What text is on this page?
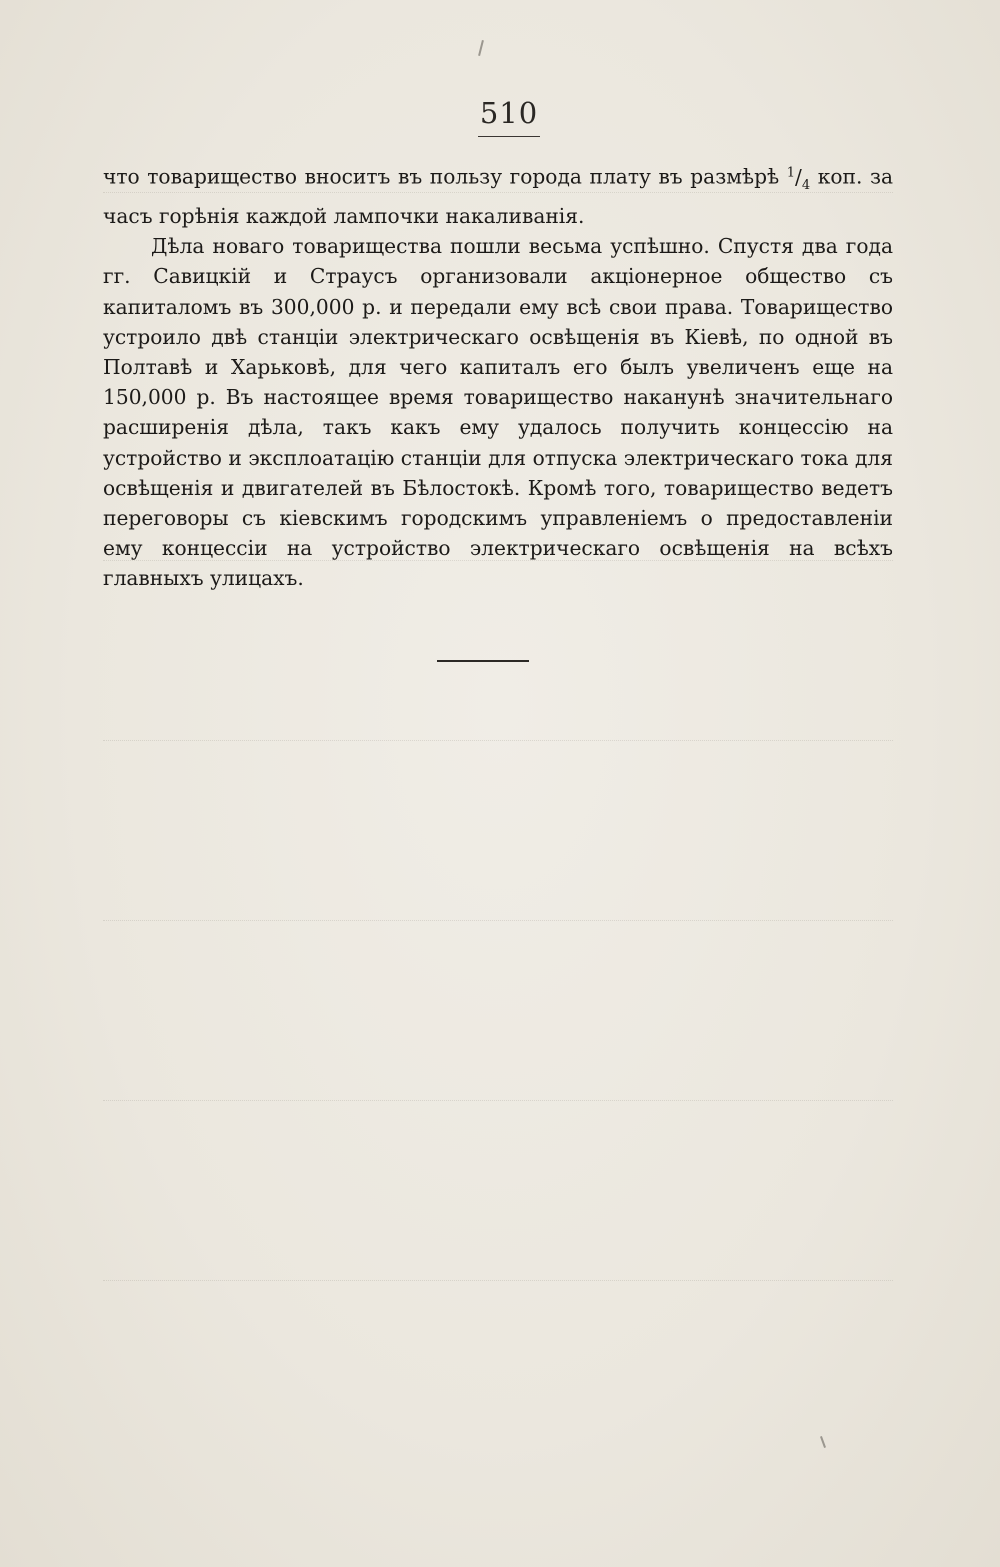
510

что товарищество вноситъ въ пользу города плату въ размѣрѣ $^1/_4$ коп. за часъ горѣнія каждой лампочки накаливанія.

Дѣла новаго товарищества пошли весьма успѣшно. Спустя два года гг. Савицкій и Страусъ организовали акціонерное общество съ капиталомъ въ 300,000 р. и передали ему всѣ свои права. Товарищество устроило двѣ станціи электрическаго освѣщенія въ Кіевѣ, по одной въ Полтавѣ и Харьковѣ, для чего капиталъ его былъ увеличенъ еще на 150,000 р. Въ настоящее время товарищество наканунѣ значительнаго расширенія дѣла, такъ какъ ему удалось получить концессію на устройство и эксплоатацію станціи для отпуска электрическаго тока для освѣщенія и двигателей въ Бѣлостокѣ. Кромѣ того, товарищество ведетъ переговоры съ кіевскимъ городскимъ управленіемъ о предоставленіи ему концессіи на устройство электрическаго освѣщенія на всѣхъ главныхъ улицахъ.
